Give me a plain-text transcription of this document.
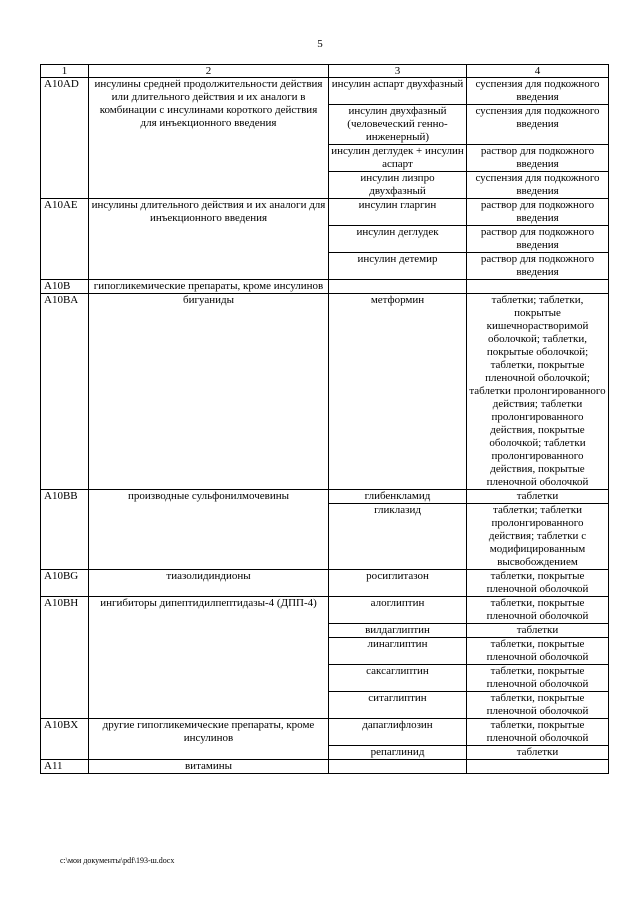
5
1	2	3	4
A10AD	инсулины средней продолжительности действия или длительного действия и их аналоги в комбинации с инсулинами короткого действия для инъекционного введения	инсулин аспарт двухфазный	суспензия для подкожного введения
		инсулин двухфазный (человеческий генно-инженерный)	суспензия для подкожного введения
		инсулин деглудек + инсулин аспарт	раствор для подкожного введения
		инсулин лизпро двухфазный	суспензия для подкожного введения
A10AE	инсулины длительного действия и их аналоги для инъекционного введения	инсулин гларгин	раствор для подкожного введения
		инсулин деглудек	раствор для подкожного введения
		инсулин детемир	раствор для подкожного введения
A10B	гипогликемические препараты, кроме инсулинов		
A10BA	бигуаниды	метформин	таблетки; таблетки, покрытые кишечнорастворимой оболочкой; таблетки, покрытые оболочкой; таблетки, покрытые пленочной оболочкой; таблетки пролонгированного действия; таблетки пролонгированного действия, покрытые оболочкой; таблетки пролонгированного действия, покрытые пленочной оболочкой
A10BB	производные сульфонилмочевины	глибенкламид	таблетки
		гликлазид	таблетки; таблетки пролонгированного действия; таблетки с модифицированным высвобождением
A10BG	тиазолидиндионы	росиглитазон	таблетки, покрытые пленочной оболочкой
A10BH	ингибиторы дипептидилпептидазы-4 (ДПП-4)	алоглиптин	таблетки, покрытые пленочной оболочкой
		вилдаглиптин	таблетки
		линаглиптин	таблетки, покрытые пленочной оболочкой
		саксаглиптин	таблетки, покрытые пленочной оболочкой
		ситаглиптин	таблетки, покрытые пленочной оболочкой
A10BX	другие гипогликемические препараты, кроме инсулинов	дапаглифлозин	таблетки, покрытые пленочной оболочкой
		репаглинид	таблетки
A11	витамины		
c:\мои документы\pdf\193-ш.docx
